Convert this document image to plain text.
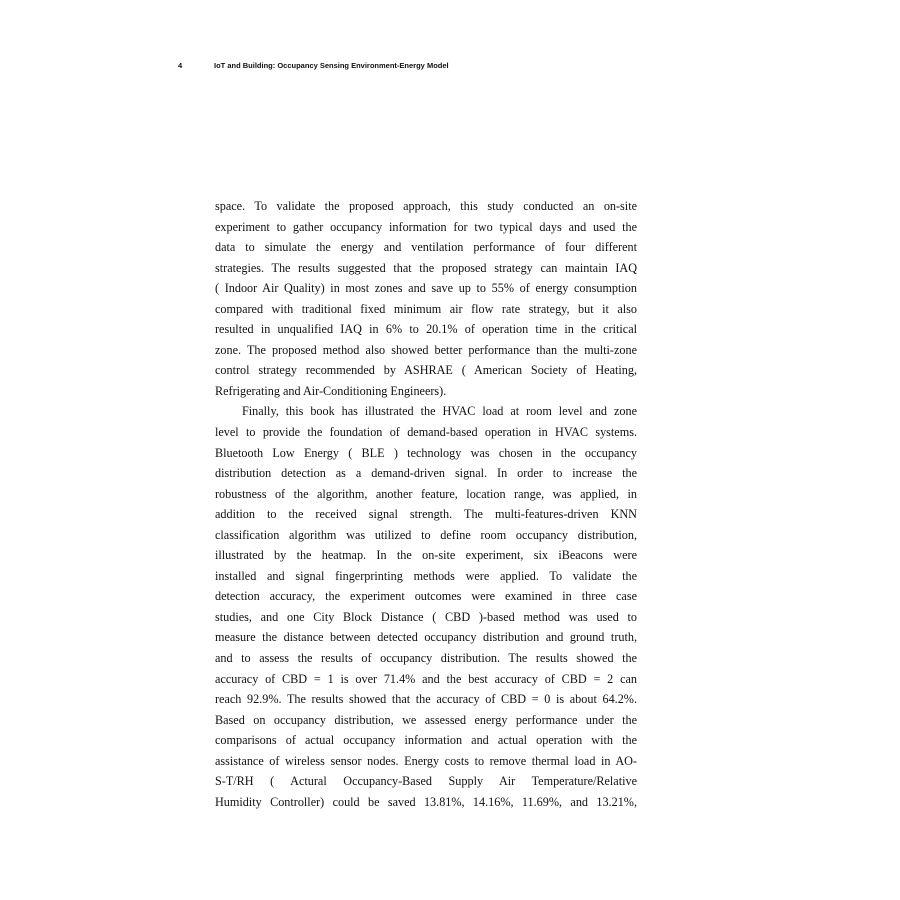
4	IoT and Building: Occupancy Sensing Environment-Energy Model
space. To validate the proposed approach, this study conducted an on-site
experiment to gather occupancy information for two typical days and used the
data to simulate the energy and ventilation performance of four different
strategies. The results suggested that the proposed strategy can maintain IAQ
( Indoor Air Quality) in most zones and save up to 55% of energy consumption
compared with traditional fixed minimum air flow rate strategy, but it also
resulted in unqualified IAQ in 6% to 20.1% of operation time in the critical
zone. The proposed method also showed better performance than the multi-zone
control strategy recommended by ASHRAE ( American Society of Heating,
Refrigerating and Air-Conditioning Engineers).
Finally, this book has illustrated the HVAC load at room level and zone
level to provide the foundation of demand-based operation in HVAC systems.
Bluetooth Low Energy ( BLE ) technology was chosen in the occupancy
distribution detection as a demand-driven signal. In order to increase the
robustness of the algorithm, another feature, location range, was applied, in
addition to the received signal strength. The multi-features-driven KNN
classification algorithm was utilized to define room occupancy distribution,
illustrated by the heatmap. In the on-site experiment, six iBeacons were
installed and signal fingerprinting methods were applied. To validate the
detection accuracy, the experiment outcomes were examined in three case
studies, and one City Block Distance ( CBD )-based method was used to
measure the distance between detected occupancy distribution and ground truth,
and to assess the results of occupancy distribution. The results showed the
accuracy of CBD = 1 is over 71.4% and the best accuracy of CBD = 2 can
reach 92.9%. The results showed that the accuracy of CBD = 0 is about 64.2%.
Based on occupancy distribution, we assessed energy performance under the
comparisons of actual occupancy information and actual operation with the
assistance of wireless sensor nodes. Energy costs to remove thermal load in AO-
S-T/RH ( Actural Occupancy-Based Supply Air Temperature/Relative
Humidity Controller) could be saved 13.81%, 14.16%, 11.69%, and 13.21%,
